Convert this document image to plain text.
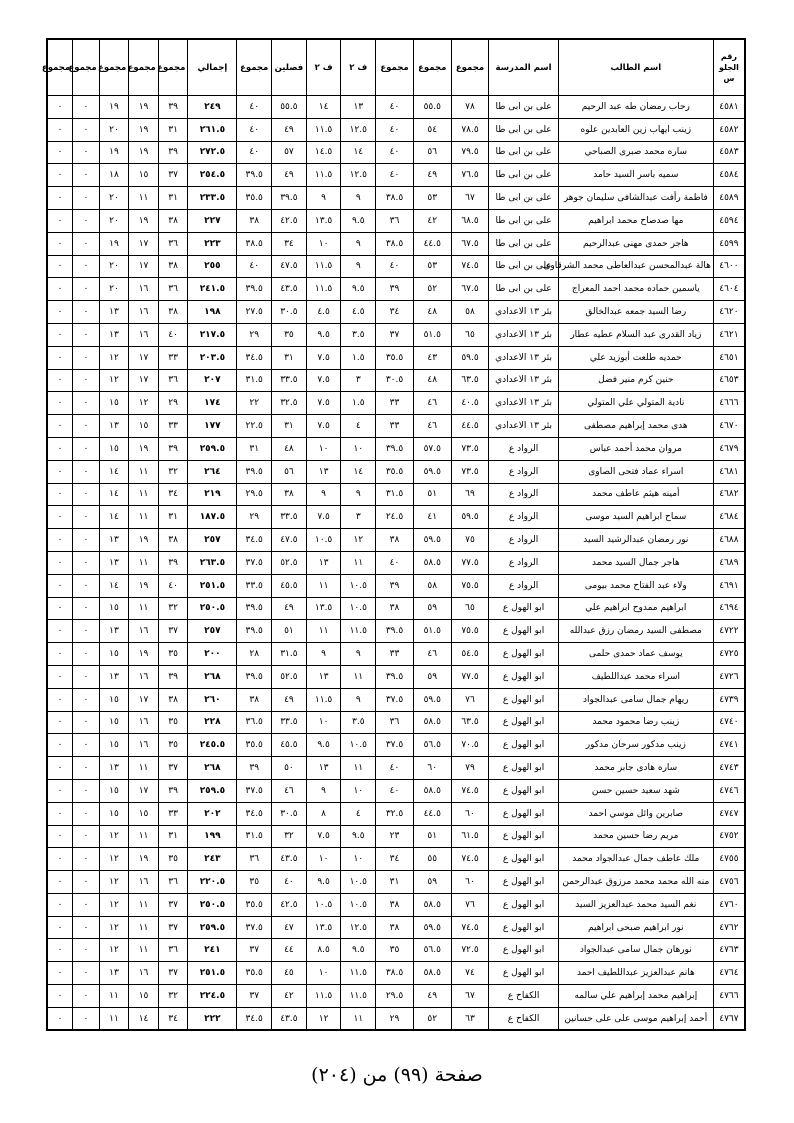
رقم الجلو س	اسم الطالب	اسم المدرسة	مجموع	مجموع	مجموع	ف ٢	ف ٢	فصلين	مجموع	إجمالي	مجموع	مجموع	مجموع	مجموع	مجموع
٤٥٨١	رحاب رمضان طه عبد الرحيم	على بن ابى طا	٧٨	٥٥.٥	٤٠	١٣	١٤	٥٥.٥	٤٠	٢٤٩	٣٩	١٩	١٩	٠	٠
٤٥٨٢	زينب ايهاب زين العابدين علوه	على بن ابى طا	٧٨.٥	٥٤	٤٠	١٢.٥	١١.٥	٤٩	٤٠	٢٦١.٥	٣١	١٩	٢٠	٠	٠
٤٥٨٣	ساره محمد صبرى الصباحي	على بن ابى طا	٧٩.٥	٥٦	٤٠	١٤	١٤.٥	٥٧	٤٠	٢٧٢.٥	٣٩	١٩	١٩	٠	٠
٤٥٨٤	سميه باسر السيد حامد	على بن ابى طا	٧٦.٥	٤٩	٤٠	١٢.٥	١١.٥	٤٩	٣٩.٥	٢٥٤.٥	٣٧	١٥	١٨	٠	٠
٤٥٨٩	فاطمة رأفت عبدالشافى سليمان جوهر	على بن ابى طا	٦٧	٥٣	٣٨.٥	٩	٩	٣٩.٥	٣٥.٥	٢٣٣.٥	٣١	١١	٢٠	٠	٠
٤٥٩٤	مها صدصاح محمد ابراهيم	على بن ابى طا	٦٨.٥	٤٢	٣٦	٩.٥	١٣.٥	٤٢.٥	٣٨	٢٢٧	٣٨	١٩	٢٠	٠	٠
٤٥٩٩	هاجر حمدى مهنى عبدالرحيم	على بن ابى طا	٦٧.٥	٤٤.٥	٣٨.٥	٩	١٠	٣٤	٣٨.٥	٢٢٣	٣٦	١٧	١٩	٠	٠
٤٦٠٠	هالة عبدالمحسن عبدالعاطى محمد الشرقاوى	على بن ابى طا	٧٤.٥	٥٣	٤٠	٩	١١.٥	٤٧.٥	٤٠	٢٥٥	٣٨	١٧	٢٠	٠	٠
٤٦٠٤	ياسمين حماده محمد احمد المعراج	على بن ابى طا	٦٧.٥	٥٢	٣٩	٩.٥	١١.٥	٤٣.٥	٣٩.٥	٢٤١.٥	٣٦	١٦	٢٠	٠	٠
٤٦٢٠	رضا السيد جمعه عبدالخالق	بئر ١٣ الاعدادي	٥٨	٤٨	٣٤	٤.٥	٤.٥	٣٠.٥	٢٧.٥	١٩٨	٣٨	١٦	١٣	٠	٠
٤٦٢١	زياد القدرى عبد السلام عطيه عطار	بئر ١٣ الاعدادي	٦٥	٥١.٥	٣٧	٣.٥	٩.٥	٣٥	٢٩	٢١٧.٥	٤٠	١٦	١٣	٠	٠
٤٦٥١	حمديه طلعت أبوزيد علي	بئر ١٣ الاعدادي	٥٩.٥	٤٣	٣٥.٥	١.٥	٧.٥	٣١	٣٤.٥	٢٠٣.٥	٣٣	١٧	١٢	٠	٠
٤٦٥٣	حنين كرم منير فضل	بئر ١٣ الاعدادي	٦٣.٥	٤٨	٣٠.٥	٣	٧.٥	٣٣.٥	٣١.٥	٢٠٧	٣٦	١٧	١٢	٠	٠
٤٦٦٦	نادية المتولي علي المتولي	بئر ١٣ الاعدادي	٤٠.٥	٤٦	٣٣	١.٥	٧.٥	٣٢.٥	٢٢	١٧٤	٢٩	١٢	١٥	٠	٠
٤٦٧٠	هدى محمد إبراهيم مصطفى	بئر ١٣ الاعدادي	٤٤.٥	٤٦	٣٣	٤	٧.٥	٣١	٢٢.٥	١٧٧	٣٣	١٥	١٣	٠	٠
٤٦٧٩	مروان محمد أحمد عباس	الرواد ع	٧٣.٥	٥٧.٥	٣٩.٥	١٠	١٠	٤٨	٣١	٢٥٩.٥	٣٩	١٩	١٥	٠	٠
٤٦٨١	اسراء عماد فتحى الصاوى	الرواد ع	٧٣.٥	٥٩.٥	٣٥.٥	١٤	١٣	٥٦	٣٩.٥	٢٦٤	٣٢	١١	١٤	٠	٠
٤٦٨٢	أمينه هيثم عاطف محمد	الرواد ع	٦٩	٥١	٣١.٥	٩	٩	٣٨	٢٩.٥	٢١٩	٣٤	١١	١٤	٠	٠
٤٦٨٤	سماح ابراهيم السيد موسى	الرواد ع	٥٩.٥	٤١	٢٤.٥	٣	٧.٥	٣٣.٥	٢٩	١٨٧.٥	٣١	١١	١٤	٠	٠
٤٦٨٨	نور رمضان عبدالرشيد السيد	الرواد ع	٧٥	٥٩.٥	٣٨	١٢	١٠.٥	٤٧.٥	٣٤.٥	٢٥٧	٣٨	١٩	١٣	٠	٠
٤٦٨٩	هاجر جمال السيد محمد	الرواد ع	٧٧.٥	٥٨.٥	٤٠	١١	١٣	٥٢.٥	٣٧.٥	٢٦٣.٥	٣٩	١١	١٣	٠	٠
٤٦٩١	ولاء عبد الفتاح محمد بيومى	الرواد ع	٧٥.٥	٥٨	٣٩	١٠.٥	١١	٤٥.٥	٣٣.٥	٢٥١.٥	٤٠	١٩	١٤	٠	٠
٤٦٩٤	ابراهيم ممدوح ابراهيم علي	ابو الهول ع	٦٥	٥٩	٣٨	١٠.٥	١٣.٥	٤٩	٣٩.٥	٢٥٠.٥	٣٢	١١	١٥	٠	٠
٤٧٢٢	مصطفى السيد رمضان رزق عبدالله	ابو الهول ع	٧٥.٥	٥١.٥	٣٩.٥	١١.٥	١١	٥١	٣٩.٥	٢٥٧	٣٧	١٦	١٣	٠	٠
٤٧٢٥	يوسف عماد حمدى حلمى	ابو الهول ع	٥٤.٥	٤٦	٣٣	٩	٩	٣١.٥	٢٨	٢٠٠	٣٥	١٩	١٥	٠	٠
٤٧٢٦	اسراء محمد عبداللطيف	ابو الهول ع	٧٧.٥	٥٩	٣٩.٥	١١	١٣	٥٢.٥	٣٩.٥	٢٦٨	٣٩	١٦	١٣	٠	٠
٤٧٣٩	ريهام جمال سامى عبدالجواد	ابو الهول ع	٧٦	٥٩.٥	٣٧.٥	٩	١١.٥	٤٩	٣٨	٢٦٠	٣٨	١٧	١٥	٠	٠
٤٧٤٠	زينب رضا محمود محمد	ابو الهول ع	٦٣.٥	٥٨.٥	٣٦	٣.٥	١٠	٣٣.٥	٣٦.٥	٢٢٨	٣٥	١٦	١٥	٠	٠
٤٧٤١	زينب مدكور سرحان مدكور	ابو الهول ع	٧٠.٥	٥٦.٥	٣٧.٥	١٠.٥	٩.٥	٤٥.٥	٣٥.٥	٢٤٥.٥	٣٥	١٦	١٥	٠	٠
٤٧٤٣	ساره هادى جابر محمد	ابو الهول ع	٧٩	٦٠	٤٠	١١	١٣	٥٠	٣٩	٢٦٨	٣٧	١١	١٣	٠	٠
٤٧٤٦	شهد سعيد حسين حسن	ابو الهول ع	٧٤.٥	٥٨.٥	٤٠	١٠	٩	٤٦	٣٧.٥	٢٥٩.٥	٣٩	١٧	١٥	٠	٠
٤٧٤٧	صابرين وائل موسي احمد	ابو الهول ع	٦٠	٤٤.٥	٣٢.٥	٤	٨	٣٠.٥	٣٤.٥	٢٠٢	٣٣	١٥	١٥	٠	٠
٤٧٥٢	مريم رضا حسين محمد	ابو الهول ع	٦١.٥	٥١	٢٣	٩.٥	٧.٥	٣٢	٣١.٥	١٩٩	٣١	١١	١٢	٠	٠
٤٧٥٥	ملك عاطف جمال عبدالجواد محمد	ابو الهول ع	٧٤.٥	٥٥	٣٤	١٠	١٠	٤٣.٥	٣٦	٢٤٣	٣٥	١٩	١٢	٠	٠
٤٧٥٦	منه الله محمد محمد مرزوق عبدالرحمن	ابو الهول ع	٦٠	٥٩	٣١	١٠.٥	٩.٥	٤٠	٣٥	٢٢٠.٥	٣٦	١٦	١٢	٠	٠
٤٧٦٠	نغم السيد محمد عبدالعزيز السيد	ابو الهول ع	٧٦	٥٨.٥	٣٨	١٠.٥	١٠.٥	٤٢.٥	٣٥.٥	٢٥٠.٥	٣٧	١١	١٢	٠	٠
٤٧٦٢	نور ابراهيم صبحى ابراهيم	ابو الهول ع	٧٤.٥	٥٩.٥	٣٨	١٢.٥	١٣.٥	٤٧	٣٧.٥	٢٥٩.٥	٣٧	١١	١٢	٠	٠
٤٧٦٣	نورهان جمال سامى عبدالجواد	ابو الهول ع	٧٢.٥	٥٦.٥	٣٥	٩.٥	٨.٥	٤٤	٣٧	٢٤١	٣٦	١١	١٢	٠	٠
٤٧٦٤	هانم عبدالعزيز عبداللطيف احمد	ابو الهول ع	٧٤	٥٨.٥	٣٨.٥	١١.٥	١٠	٤٥	٣٥.٥	٢٥١.٥	٣٧	١٦	١٣	٠	٠
٤٧٦٦	إبراهيم محمد إبراهيم علي سالمه	الكفاح ع	٦٧	٤٩	٢٩.٥	١١.٥	١١.٥	٤٢	٣٧	٢٢٤.٥	٣٢	١٥	١١	٠	٠
٤٧٦٧	أحمد إبراهيم موسى على على حسانين	الكفاح ع	٦٣	٥٢	٢٩	١١	١٢	٤٣.٥	٣٤.٥	٢٢٢	٣٤	١٤	١١	٠	٠
صفحة (٩٩) من (٢٠٤)
